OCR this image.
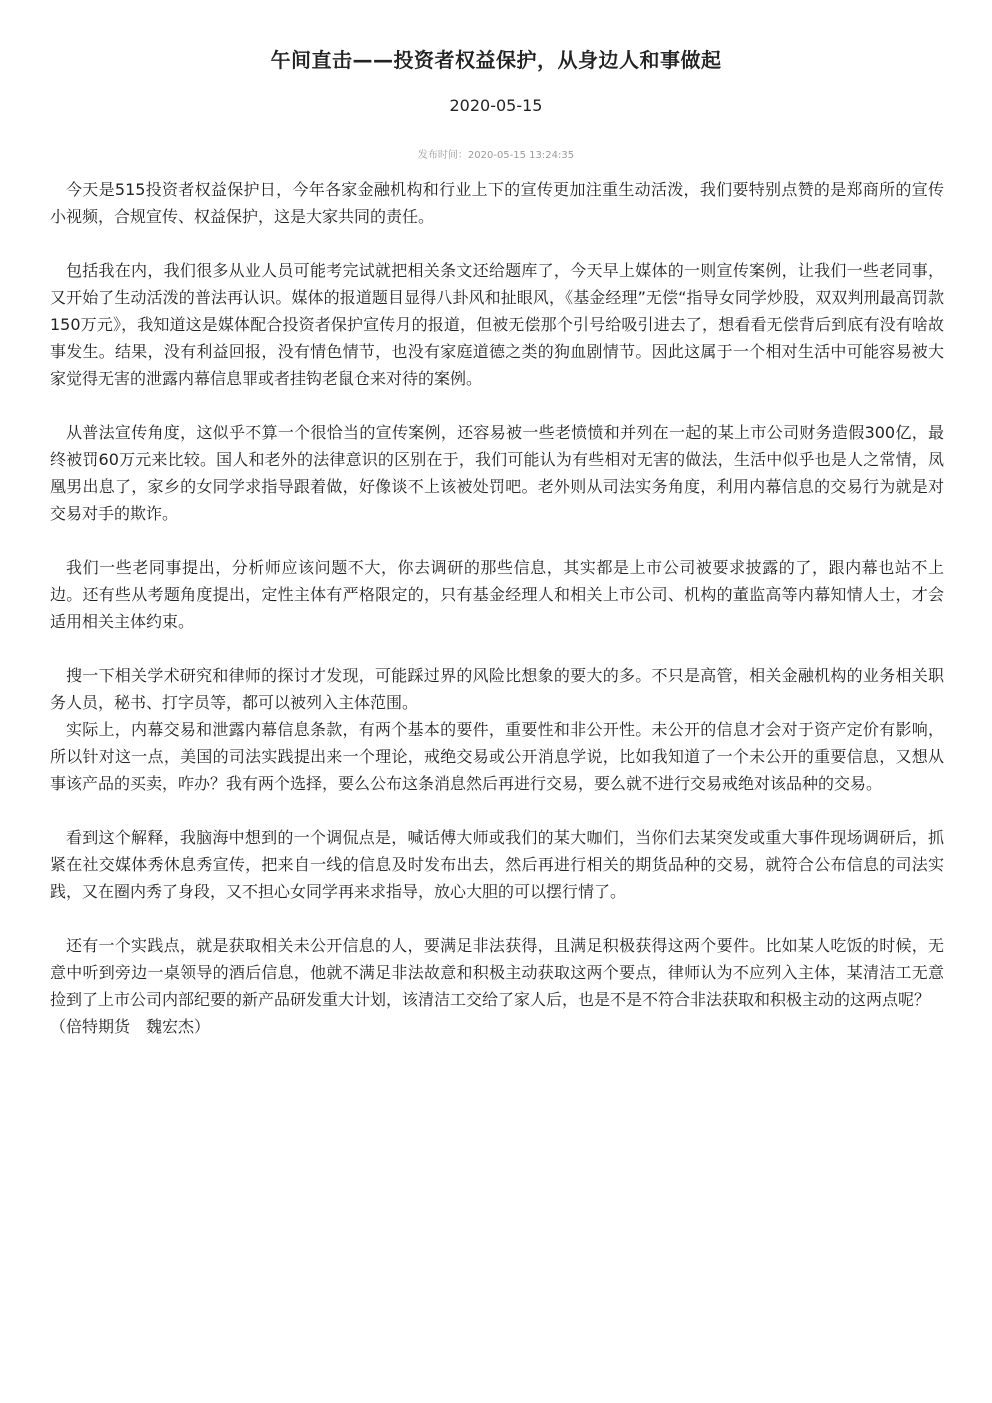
午间直击——投资者权益保护，从身边人和事做起
2020-05-15
发布时间：2020-05-15 13:24:35

今天是515投资者权益保护日，今年各家金融机构和行业上下的宣传更加注重生动活泼，我们要特别点赞的是郑商所的宣传小视频，合规宣传、权益保护，这是大家共同的责任。

包括我在内，我们很多从业人员可能考完试就把相关条文还给题库了，今天早上媒体的一则宣传案例，让我们一些老同事，又开始了生动活泼的普法再认识。媒体的报道题目显得八卦风和扯眼风，《基金经理”无偿“指导女同学炒股，双双判刑最高罚款150万元》，我知道这是媒体配合投资者保护宣传月的报道，但被无偿那个引号给吸引进去了，想看看无偿背后到底有没有啥故事发生。结果，没有利益回报，没有情色情节，也没有家庭道德之类的狗血剧情节。因此这属于一个相对生活中可能容易被大家觉得无害的泄露内幕信息罪或者挂钩老鼠仓来对待的案例。

从普法宣传角度，这似乎不算一个很恰当的宣传案例，还容易被一些老愤愤和并列在一起的某上市公司财务造假300亿，最终被罚60万元来比较。国人和老外的法律意识的区别在于，我们可能认为有些相对无害的做法，生活中似乎也是人之常情，凤凰男出息了，家乡的女同学求指导跟着做，好像谈不上该被处罚吧。老外则从司法实务角度，利用内幕信息的交易行为就是对交易对手的欺诈。

我们一些老同事提出，分析师应该问题不大，你去调研的那些信息，其实都是上市公司被要求披露的了，跟内幕也站不上边。还有些从考题角度提出，定性主体有严格限定的，只有基金经理人和相关上市公司、机构的董监高等内幕知情人士，才会适用相关主体约束。

搜一下相关学术研究和律师的探讨才发现，可能踩过界的风险比想象的要大的多。不只是高管，相关金融机构的业务相关职务人员，秘书、打字员等，都可以被列入主体范围。

实际上，内幕交易和泄露内幕信息条款，有两个基本的要件，重要性和非公开性。未公开的信息才会对于资产定价有影响，所以针对这一点，美国的司法实践提出来一个理论，戒绝交易或公开消息学说，比如我知道了一个未公开的重要信息，又想从事该产品的买卖，咋办？我有两个选择，要么公布这条消息然后再进行交易，要么就不进行交易戒绝对该品种的交易。

看到这个解释，我脑海中想到的一个调侃点是，喊话傅大师或我们的某大咖们，当你们去某突发或重大事件现场调研后，抓紧在社交媒体秀休息秀宣传，把来自一线的信息及时发布出去，然后再进行相关的期货品种的交易，就符合公布信息的司法实践，又在圈内秀了身段，又不担心女同学再来求指导，放心大胆的可以摆行情了。

还有一个实践点，就是获取相关未公开信息的人，要满足非法获得，且满足积极获得这两个要件。比如某人吃饭的时候，无意中听到旁边一桌领导的酒后信息，他就不满足非法故意和积极主动获取这两个要点，律师认为不应列入主体，某清洁工无意捡到了上市公司内部纪要的新产品研发重大计划，该清洁工交给了家人后，也是不是不符合非法获取和积极主动的这两点呢？

（倍特期货　魏宏杰）
